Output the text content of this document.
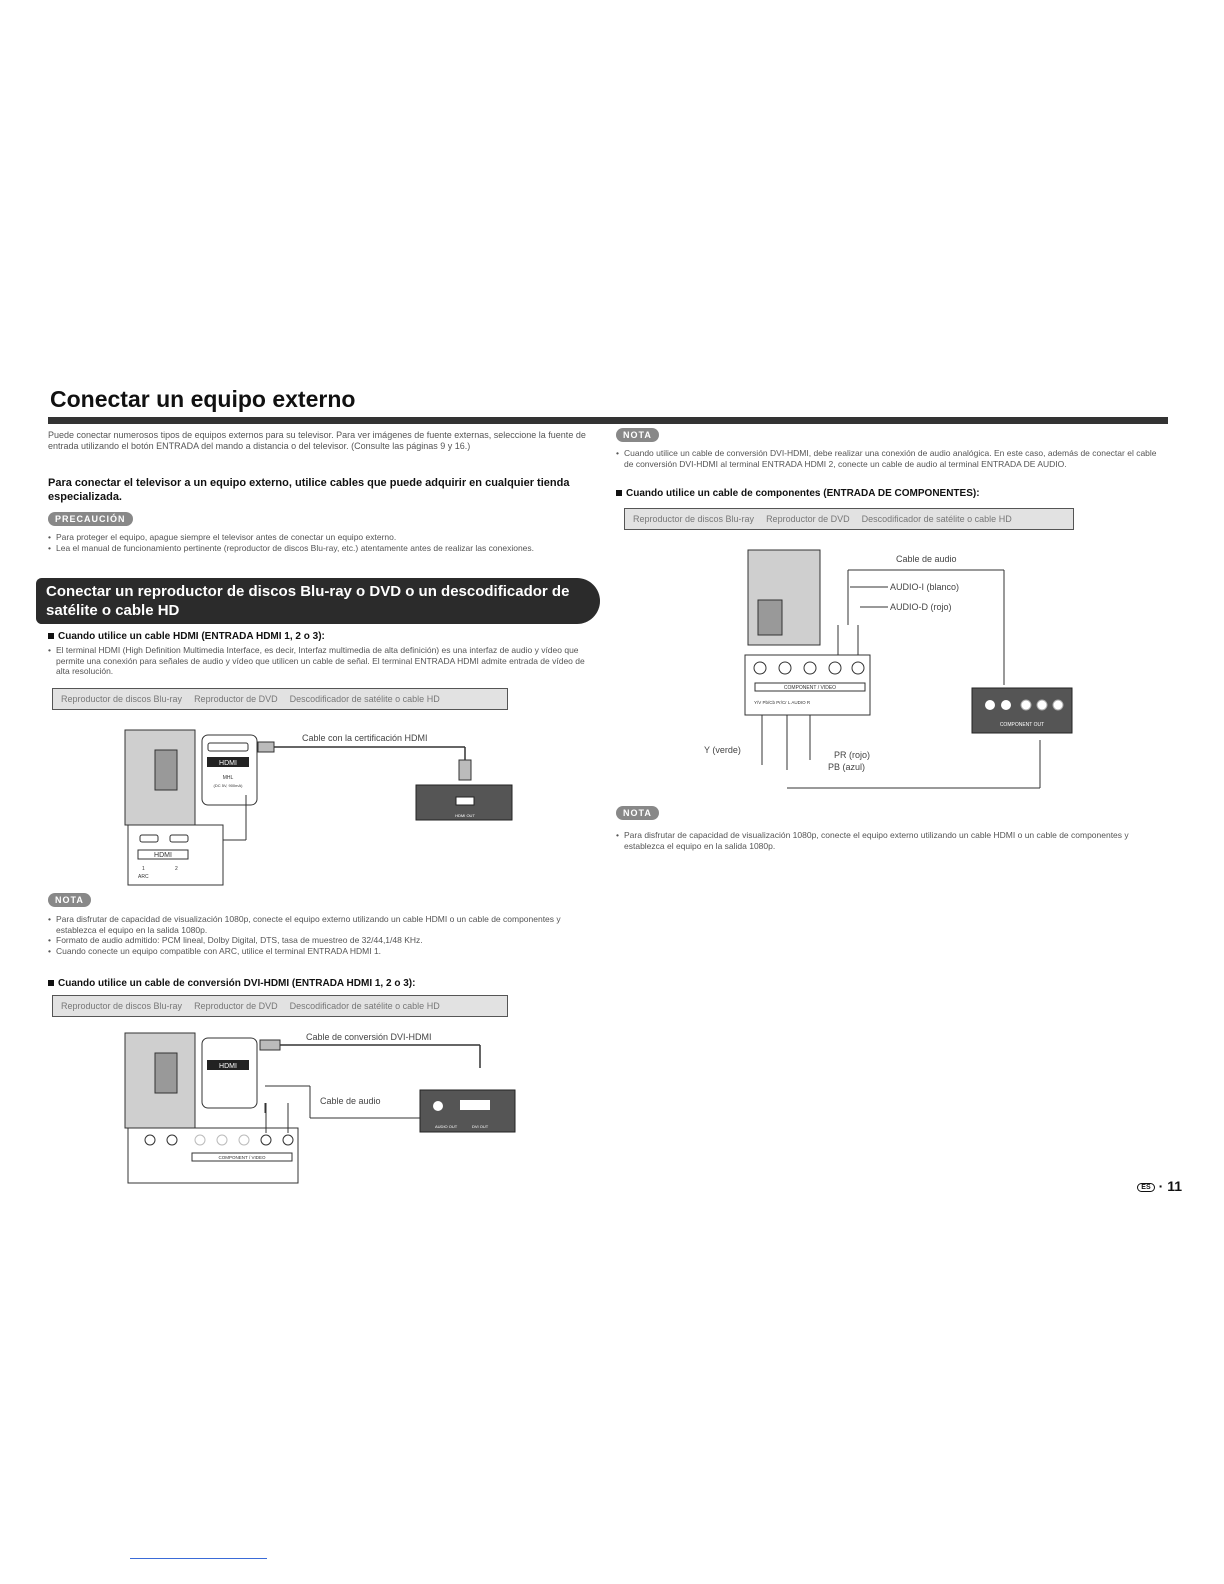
Conectar un equipo externo

Puede conectar numerosos tipos de equipos externos para su televisor. Para ver imágenes de fuente externas, seleccione la fuente de entrada utilizando el botón ENTRADA del mando a distancia o del televisor. (Consulte las páginas 9 y 16.)

Para conectar el televisor a un equipo externo, utilice cables que puede adquirir en cualquier tienda especializada.

PRECAUCIÓN
• Para proteger el equipo, apague siempre el televisor antes de conectar un equipo externo.
• Lea el manual de funcionamiento pertinente (reproductor de discos Blu-ray, etc.) atentamente antes de realizar las conexiones.
Conectar un reproductor de discos Blu-ray o DVD o un descodificador de satélite o cable HD

Cuando utilice un cable HDMI (ENTRADA HDMI 1, 2 o 3):

• El terminal HDMI (High Definition Multimedia Interface, es decir, Interfaz multimedia de alta definición) es una interfaz de audio y vídeo que permite una conexión para señales de audio y vídeo que utilicen un cable de señal. El terminal ENTRADA HDMI admite entrada de vídeo de alta resolución.
Reproductor de discos Blu-ray Reproductor de DVD Descodificador de satélite o cable HD
HDMI
MHL
(DC 5V, 900mA)
Cable con la certificación HDMI
HDMI OUT
HDMI
1	2
ARC
NOTA
• Para disfrutar de capacidad de visualización 1080p, conecte el equipo externo utilizando un cable HDMI o un cable de componentes y establezca el equipo en la salida 1080p.
• Formato de audio admitido: PCM lineal, Dolby Digital, DTS, tasa de muestreo de 32/44,1/48 KHz.
• Cuando conecte un equipo compatible con ARC, utilice el terminal ENTRADA HDMI 1.

Cuando utilice un cable de conversión DVI-HDMI (ENTRADA HDMI 1, 2 o 3):

Reproductor de discos Blu-ray Reproductor de DVD Descodificador de satélite o cable HD
HDMI
Cable de conversión DVI-HDMI
Cable de audio
AUDIO OUT	DVI OUT
COMPONENT / VIDEO
NOTA
• Cuando utilice un cable de conversión DVI-HDMI, debe realizar una conexión de audio analógica. En este caso, además de conectar el cable de conversión DVI-HDMI al terminal ENTRADA HDMI 2, conecte un cable de audio al terminal ENTRADA DE AUDIO.

Cuando utilice un cable de componentes (ENTRADA DE COMPONENTES):

Reproductor de discos Blu-ray Reproductor de DVD Descodificador de satélite o cable HD
Cable de audio
AUDIO-I (blanco)
AUDIO-D (rojo)
COMPONENT / VIDEO
Y/V Pb/Cb Pr/Cr L AUDIO R
Y (verde)	PR (rojo)
PB (azul)
COMPONENT OUT
NOTA
• Para disfrutar de capacidad de visualización 1080p, conecte el equipo externo utilizando un cable HDMI o un cable de componentes y establezca el equipo en la salida 1080p.
ES · 11
